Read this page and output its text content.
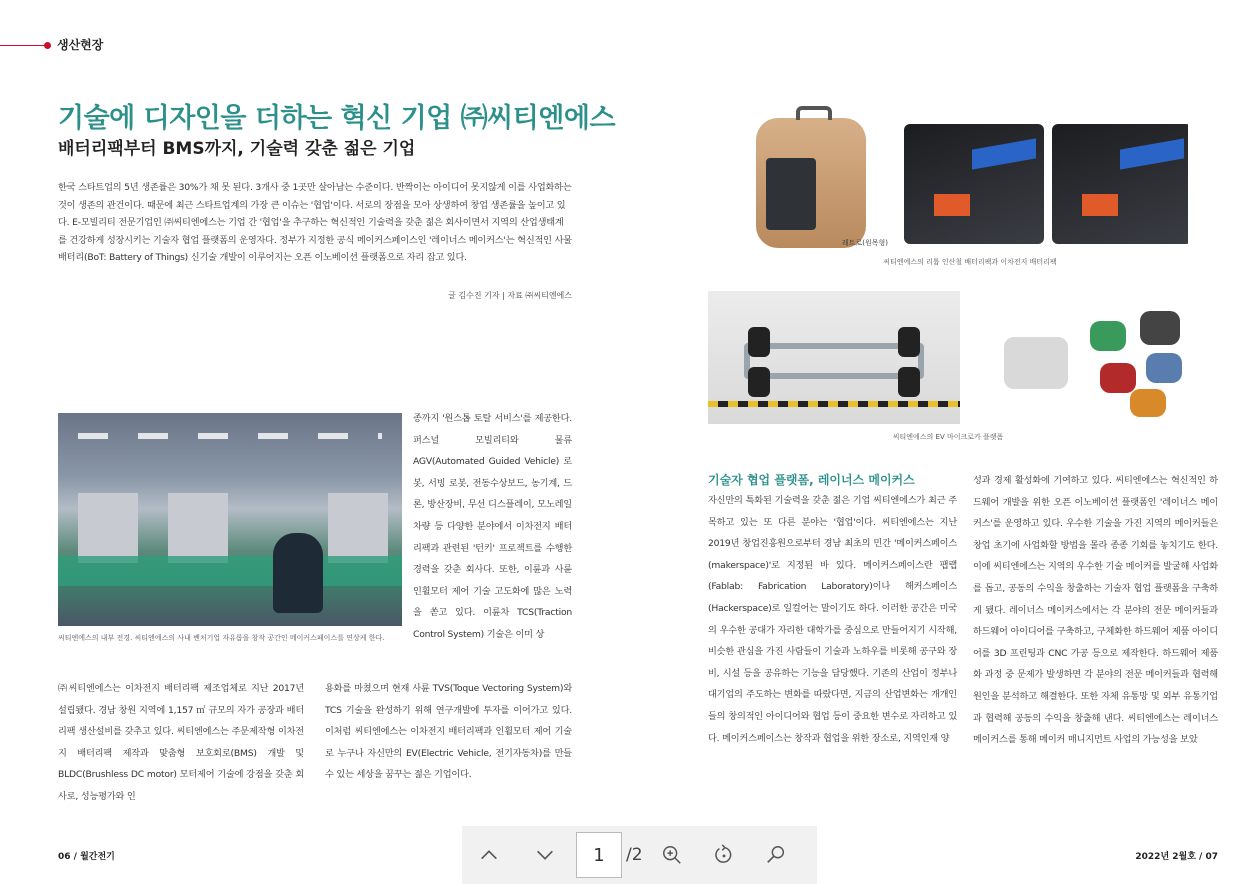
생산현장
기술에 디자인을 더하는 혁신 기업 ㈜씨티엔에스
배터리팩부터 BMS까지, 기술력 갖춘 젊은 기업

한국 스타트업의 5년 생존률은 30%가 채 못 된다. 3개사 중 1곳만 살아남는 수준이다. 반짝이는 아이디어 못지않게 이를 사업화하는 것이 생존의 관건이다. 때문에 최근 스타트업계의 가장 큰 이슈는 '협업'이다. 서로의 장점을 모아 상생하여 창업 생존률을 높이고 있다. E-모빌리티 전문기업인 ㈜씨티엔에스는 기업 간 '협업'을 추구하는 혁신적인 기술력을 갖춘 젊은 회사이면서 지역의 산업생태계를 건강하게 성장시키는 기술자 협업 플랫폼의 운영자다. 정부가 지정한 공식 메이커스페이스인 '레이너스 메이커스'는 혁신적인 사물배터리(BoT: Battery of Things) 신기술 개발이 이루어지는 오픈 이노베이션 플랫폼으로 자리 잡고 있다.

글 김수진 기자 | 자료 ㈜씨티엔에스

씨티엔에스의 내부 전경. 씨티엔에스의 사내 벤처기업 자유롭을 창작 공간인 메이커스페이스를 연상케 한다.

레트로(원목형)

씨티엔에스의 리튬 인산철 배터리팩과 이차전지 배터리팩

씨티엔에스의 EV 마이크로카 플랫폼

종까지 '원스톱 토탈 서비스'를 제공한다. 퍼스널 모빌리티와 물류 AGV(Automated Guided Vehicle) 로봇, 서빙 로봇, 전동수상보드, 농기계, 드론, 방산장비, 무선 디스플레이, 모노레일 차량 등 다양한 분야에서 이차전지 배터리팩과 관련된 '턴키' 프로젝트를 수행한 경력을 갖춘 회사다. 또한, 이륜과 사륜 인휠모터 제어 기술 고도화에 많은 노력을 쏟고 있다. 이륜차 TCS(Traction Control System) 기술은 이미 상

㈜씨티엔에스는 이차전지 배터리팩 제조업체로 지난 2017년 설립됐다. 경남 창원 지역에 1,157 ㎡ 규모의 자가 공장과 배터리팩 생산설비를 갖추고 있다. 씨티엔에스는 주문제작형 이차전지 배터리팩 제작과 맞춤형 보호회로(BMS) 개발 및 BLDC(Brushless DC motor) 모터제어 기술에 강점을 갖춘 회사로, 성능평가와 인

용화를 마쳤으며 현재 사륜 TVS(Toque Vectoring System)와 TCS 기술을 완성하기 위해 연구개발에 투자를 이어가고 있다. 이처럼 씨티엔에스는 이차전지 배터리팩과 인휠모터 제어 기술로 누구나 자신만의 EV(Electric Vehicle, 전기자동차)를 만들 수 있는 세상을 꿈꾸는 젊은 기업이다.

기술자 협업 플랫폼, 레이너스 메이커스

자신만의 특화된 기술력을 갖춘 젊은 기업 씨티엔에스가 최근 주목하고 있는 또 다른 분야는 '협업'이다. 씨티엔에스는 지난 2019년 창업진흥원으로부터 경남 최초의 민간 '메이커스페이스(makerspace)'로 지정된 바 있다. 메이커스페이스란 팹랩(Fablab: Fabrication Laboratory)이나 해커스페이스(Hackerspace)로 일컬어는 말이기도 하다. 이러한 공간은 미국의 우수한 공대가 자리한 대학가를 중심으로 만들어지기 시작해, 비슷한 관심을 가진 사람들이 기술과 노하우를 비롯해 공구와 장비, 시설 등을 공유하는 기능을 담당했다. 기존의 산업이 정부나 대기업의 주도하는 변화를 따랐다면, 지금의 산업변화는 개개인들의 창의적인 아이디어와 협업 등이 중요한 변수로 자리하고 있다. 메이커스페이스는 창작과 협업을 위한 장소로, 지역인재 양

성과 경제 활성화에 기여하고 있다. 씨티엔에스는 혁신적인 하드웨어 개발을 위한 오픈 이노베이션 플랫폼인 '레이너스 메이커스'를 운영하고 있다. 우수한 기술을 가진 지역의 메이커들은 창업 초기에 사업화할 방법을 몰라 종종 기회를 놓치기도 한다. 이에 씨티엔에스는 지역의 우수한 기술 메이커를 발굴해 사업화를 돕고, 공동의 수익을 창출하는 기술자 협업 플랫폼을 구축하게 됐다. 레이너스 메이커스에서는 각 분야의 전문 메이커들과 하드웨어 아이디어를 구축하고, 구체화한 하드웨어 제품 아이디어를 3D 프린팅과 CNC 가공 등으로 제작한다. 하드웨어 제품화 과정 중 문제가 발생하면 각 분야의 전문 메이커들과 협력해 원인을 분석하고 해결한다. 또한 자체 유통망 및 외부 유통기업과 협력해 공동의 수익을 창출해 낸다. 씨티엔에스는 레이너스 메이커스를 통해 메이커 매니지먼트 사업의 가능성을 보았

06 / 월간전기	2022년 2월호 / 07
1	/2
